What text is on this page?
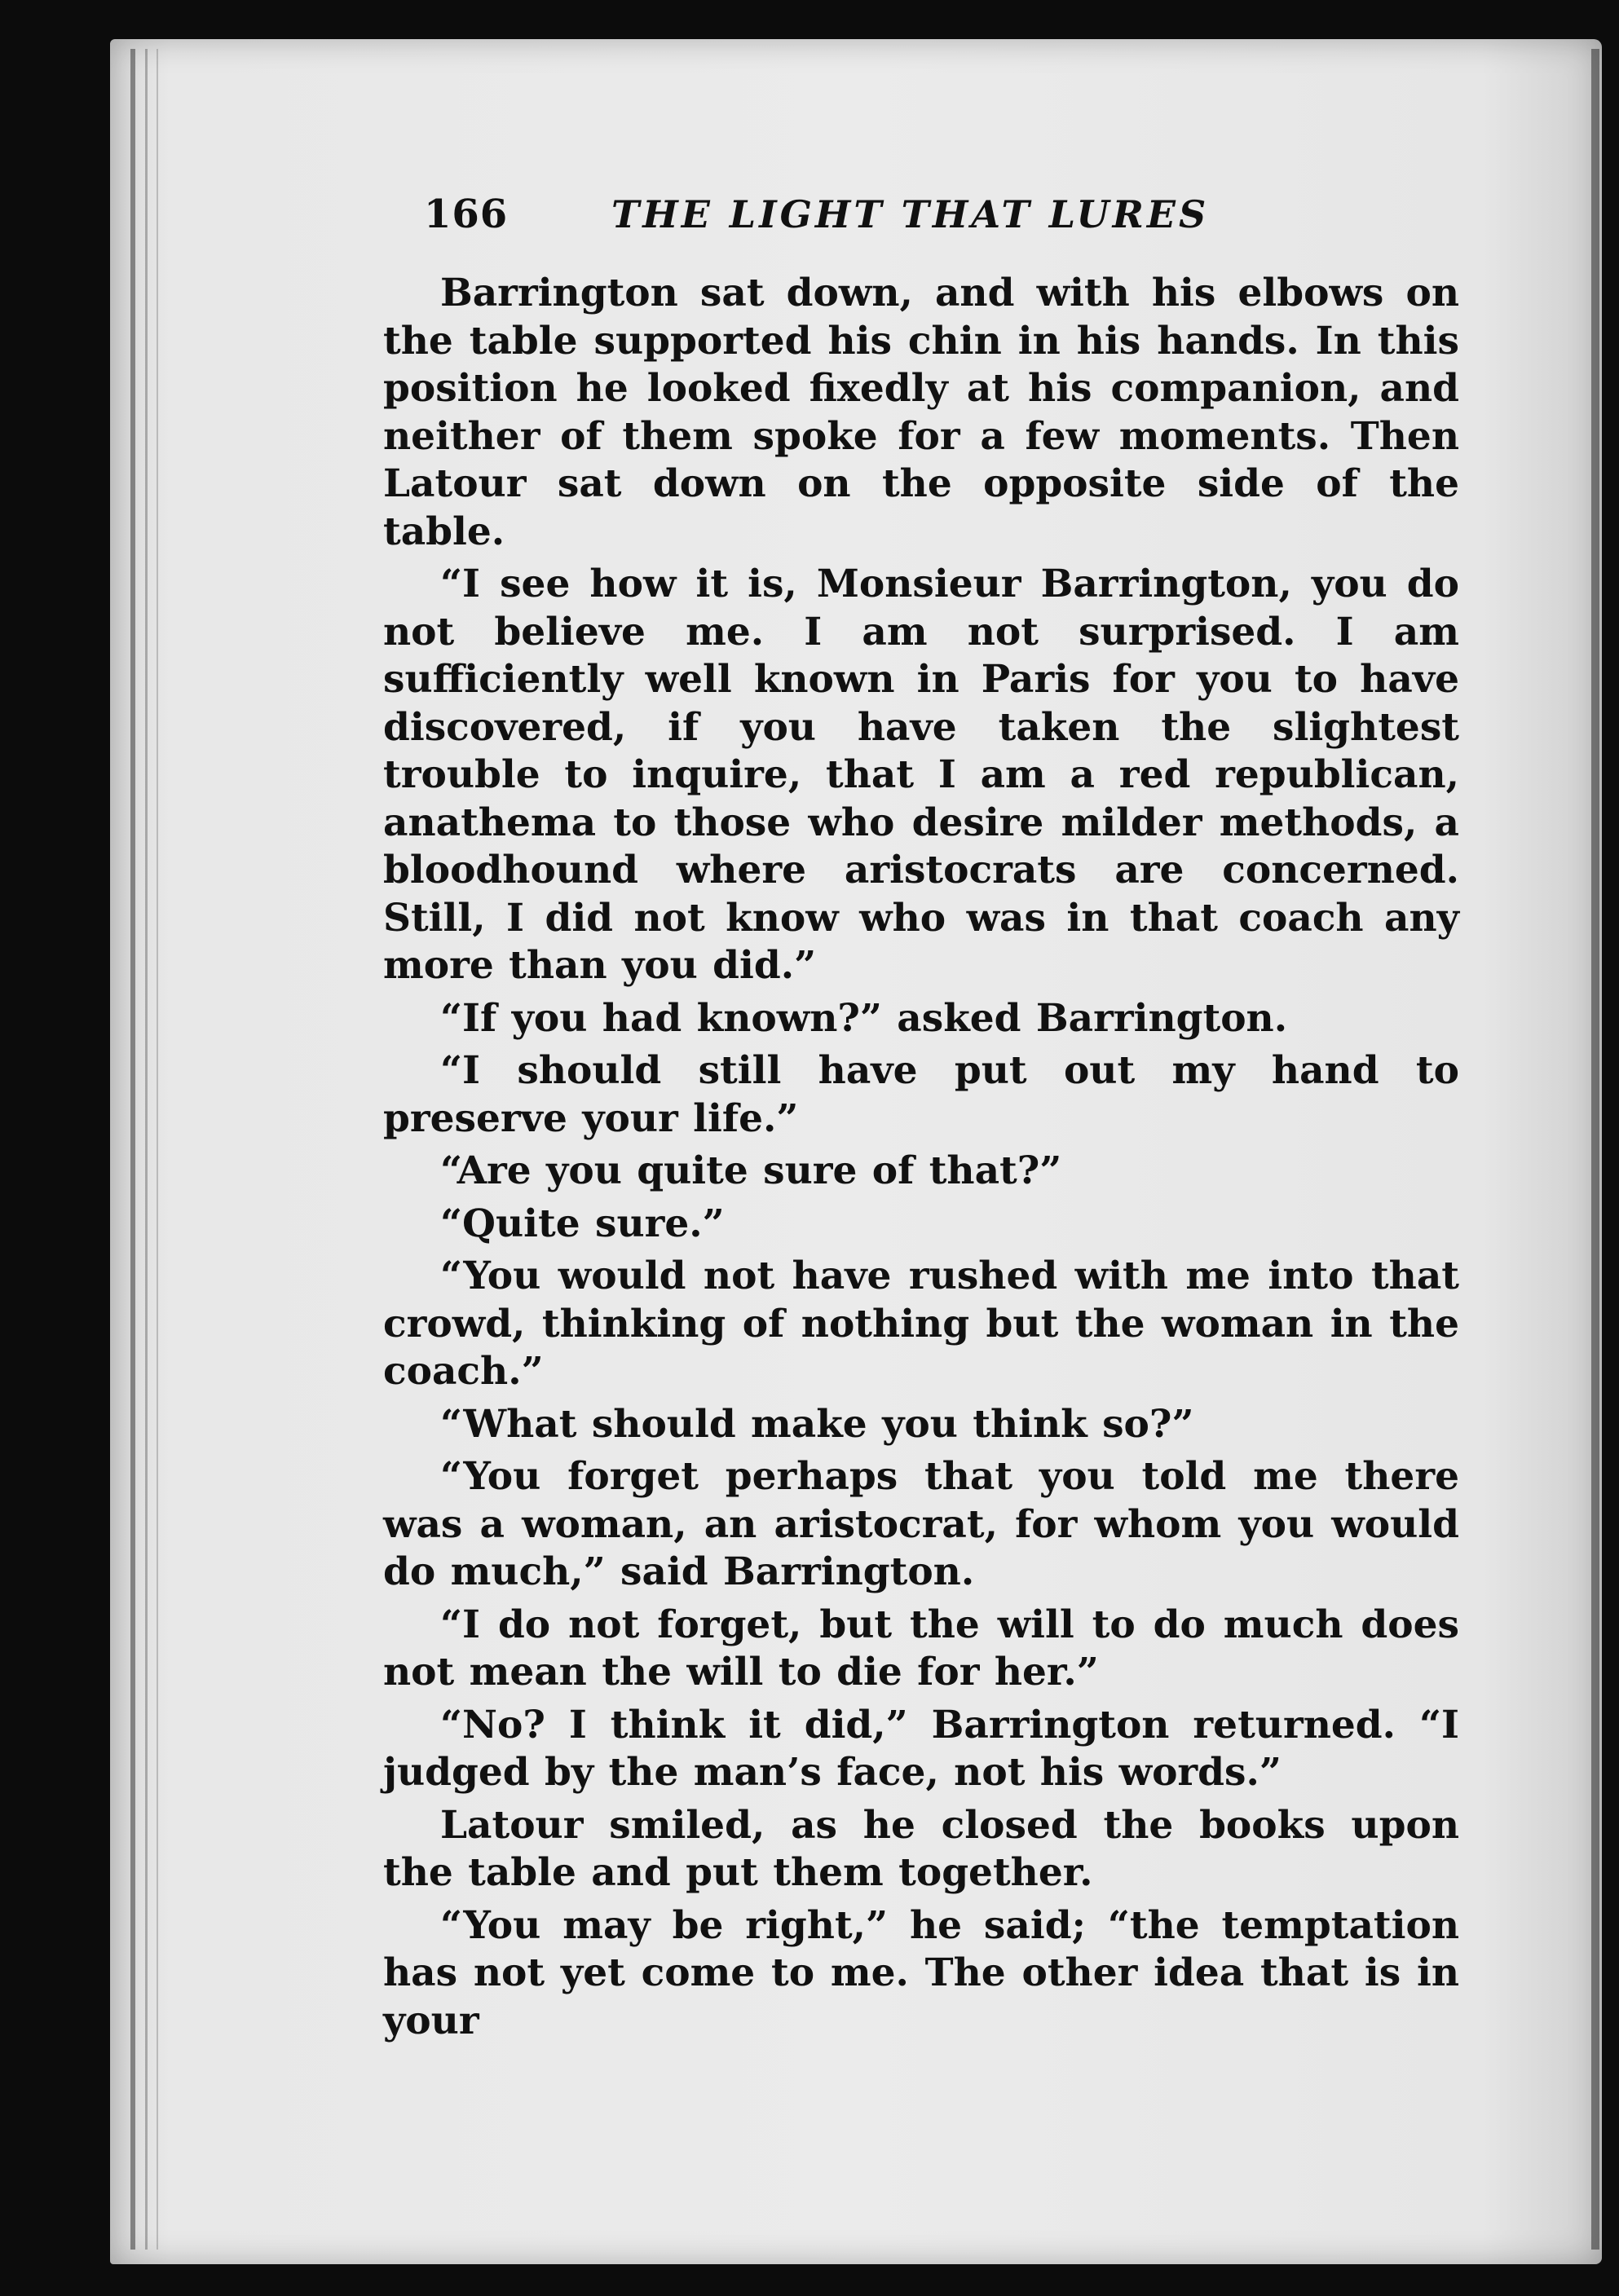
166	THE LIGHT THAT LURES

Barrington sat down, and with his elbows on the table supported his chin in his hands. In this position he looked fixedly at his companion, and neither of them spoke for a few moments. Then Latour sat down on the opposite side of the table.

“I see how it is, Monsieur Barrington, you do not believe me. I am not surprised. I am sufficiently well known in Paris for you to have discovered, if you have taken the slightest trouble to inquire, that I am a red republican, anathema to those who desire milder methods, a bloodhound where aristocrats are concerned. Still, I did not know who was in that coach any more than you did.”

“If you had known?” asked Barrington.

“I should still have put out my hand to preserve your life.”

“Are you quite sure of that?”

“Quite sure.”

“You would not have rushed with me into that crowd, thinking of nothing but the woman in the coach.”

“What should make you think so?”

“You forget perhaps that you told me there was a woman, an aristocrat, for whom you would do much,” said Barrington.

“I do not forget, but the will to do much does not mean the will to die for her.”

“No? I think it did,” Barrington returned. “I judged by the man’s face, not his words.”

Latour smiled, as he closed the books upon the table and put them together.

“You may be right,” he said; “the temptation has not yet come to me. The other idea that is in your
